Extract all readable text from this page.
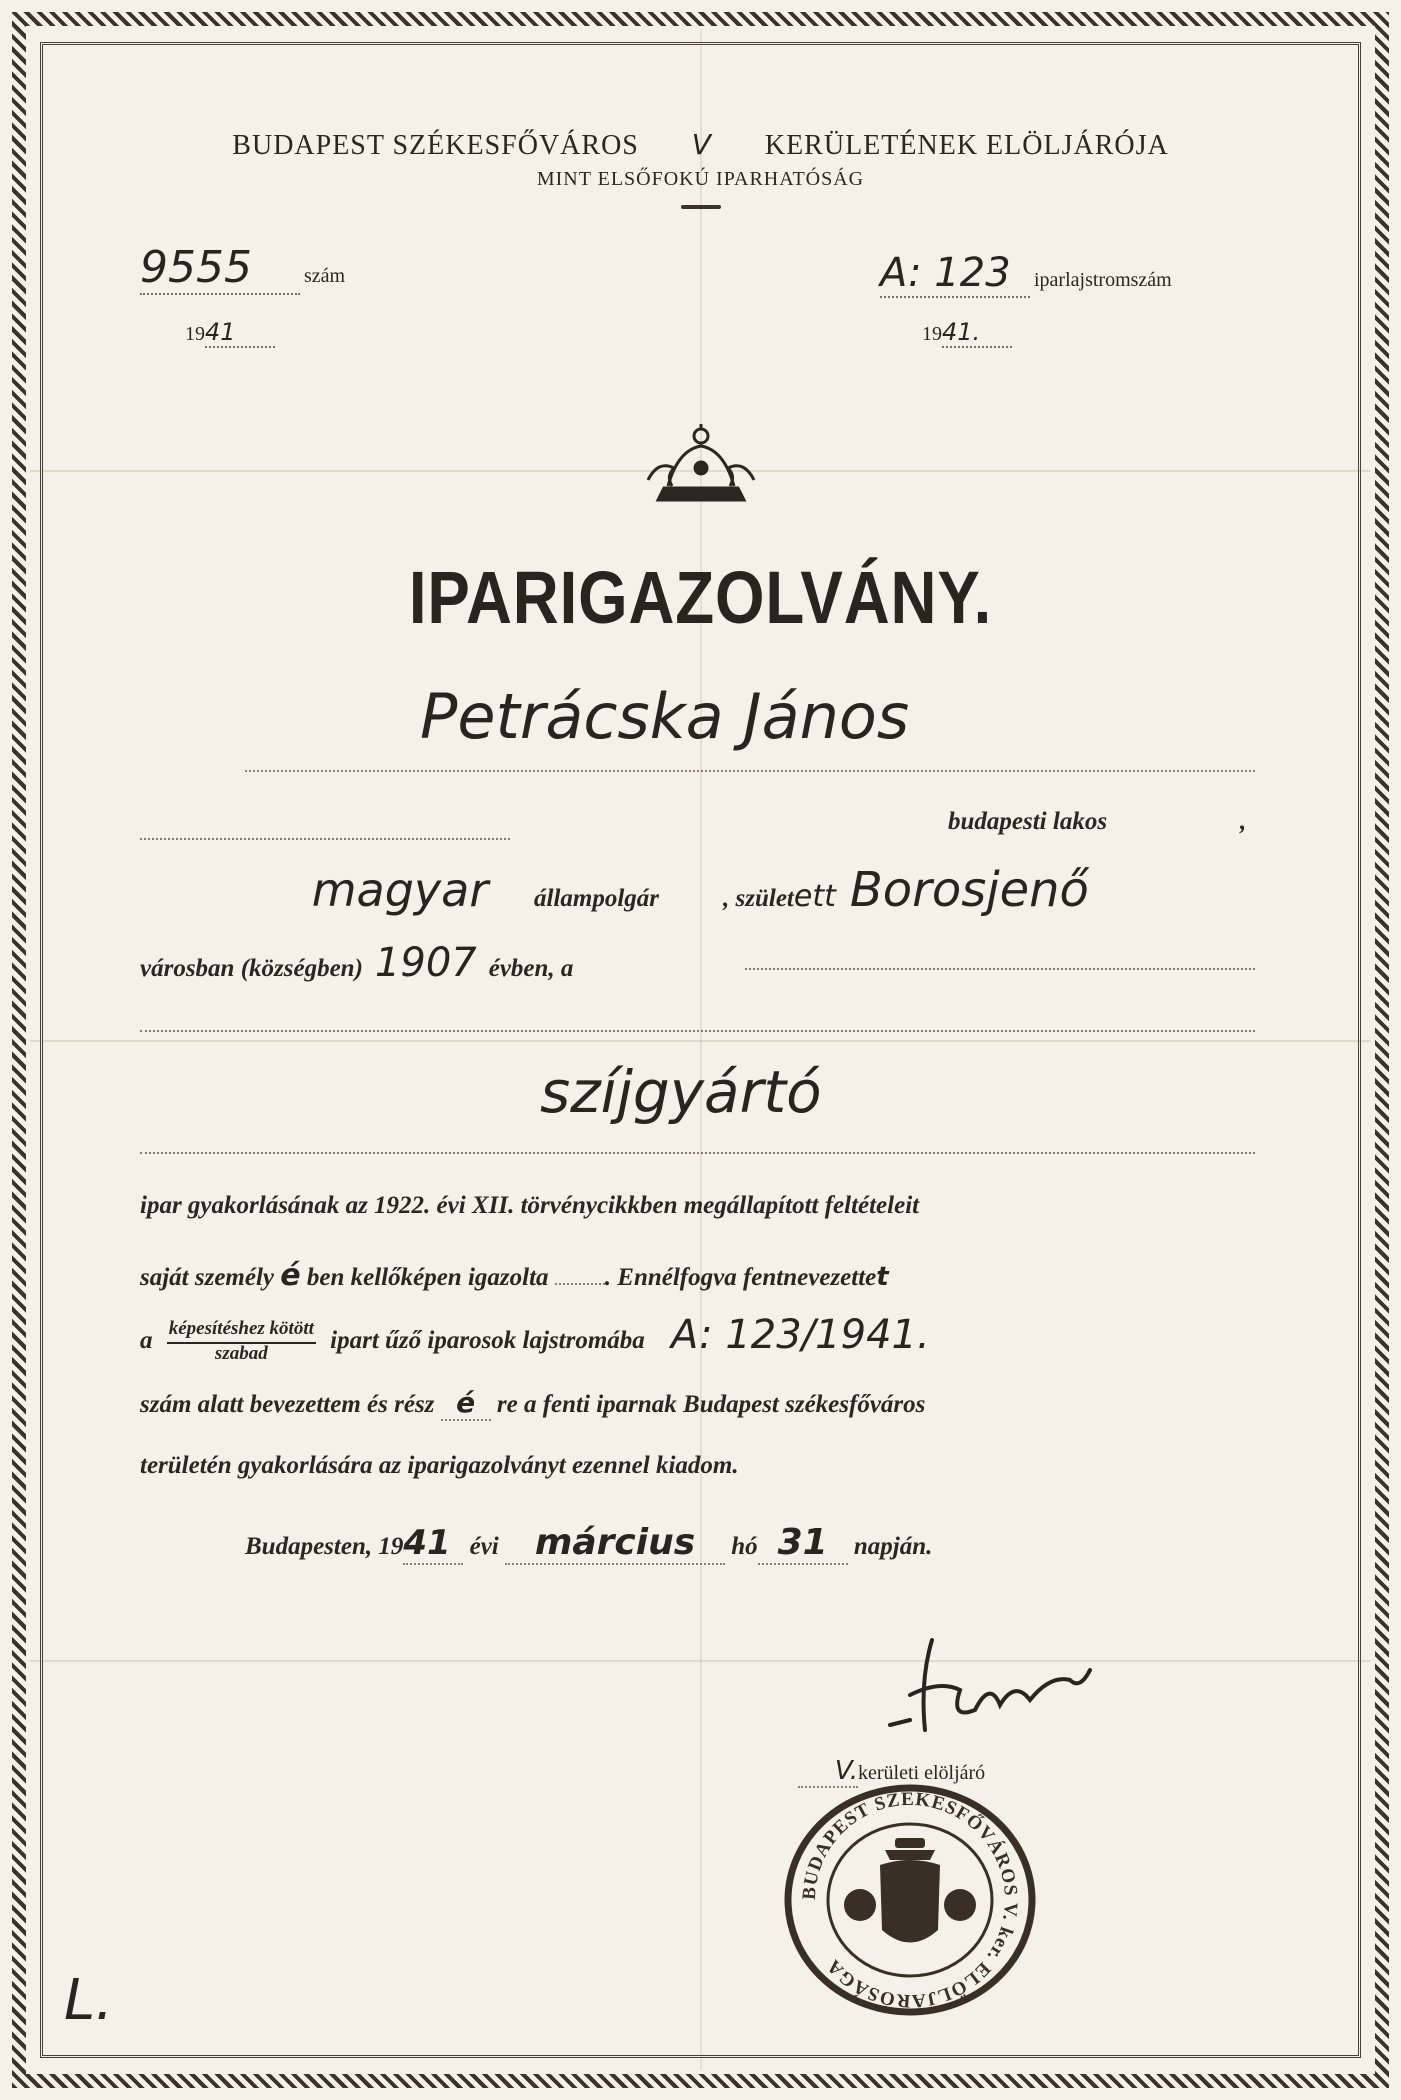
BUDAPEST SZÉKESFŐVÁROS V KERÜLETÉNEK ELÖLJÁRÓJA
MINT ELSŐFOKÚ IPARHATÓSÁG
9555	szám
1941
A: 123 iparlajstromszám
1941.
IPARIGAZOLVÁNY.
Petrácska János
budapesti lakos	,
magyar állampolgár	, született Borosjenő
városban (községben) 1907 évben, a
szíjgyártó
ipar gyakorlásának az 1922. évi XII. törvénycikkben megállapított feltételeit
saját személy é ben kellőképen igazolta . Ennélfogva fentnevezettet
a $\frac{\text{képesítéshez kötött}}{\text{szabad}}$ ipart űző iparosok lajstromába A: 123/1941.
szám alatt bevezettem és rész é re a fenti iparnak Budapest székesfőváros
területén gyakorlására az iparigazolványt ezennel kiadom.
Budapesten, 1941 évi március hó 31 napján.
V.kerületi elöljáró
BUDAPEST SZÉKESFŐVÁROS V. ker. ELÖLJÁRÓSÁGA
L.
